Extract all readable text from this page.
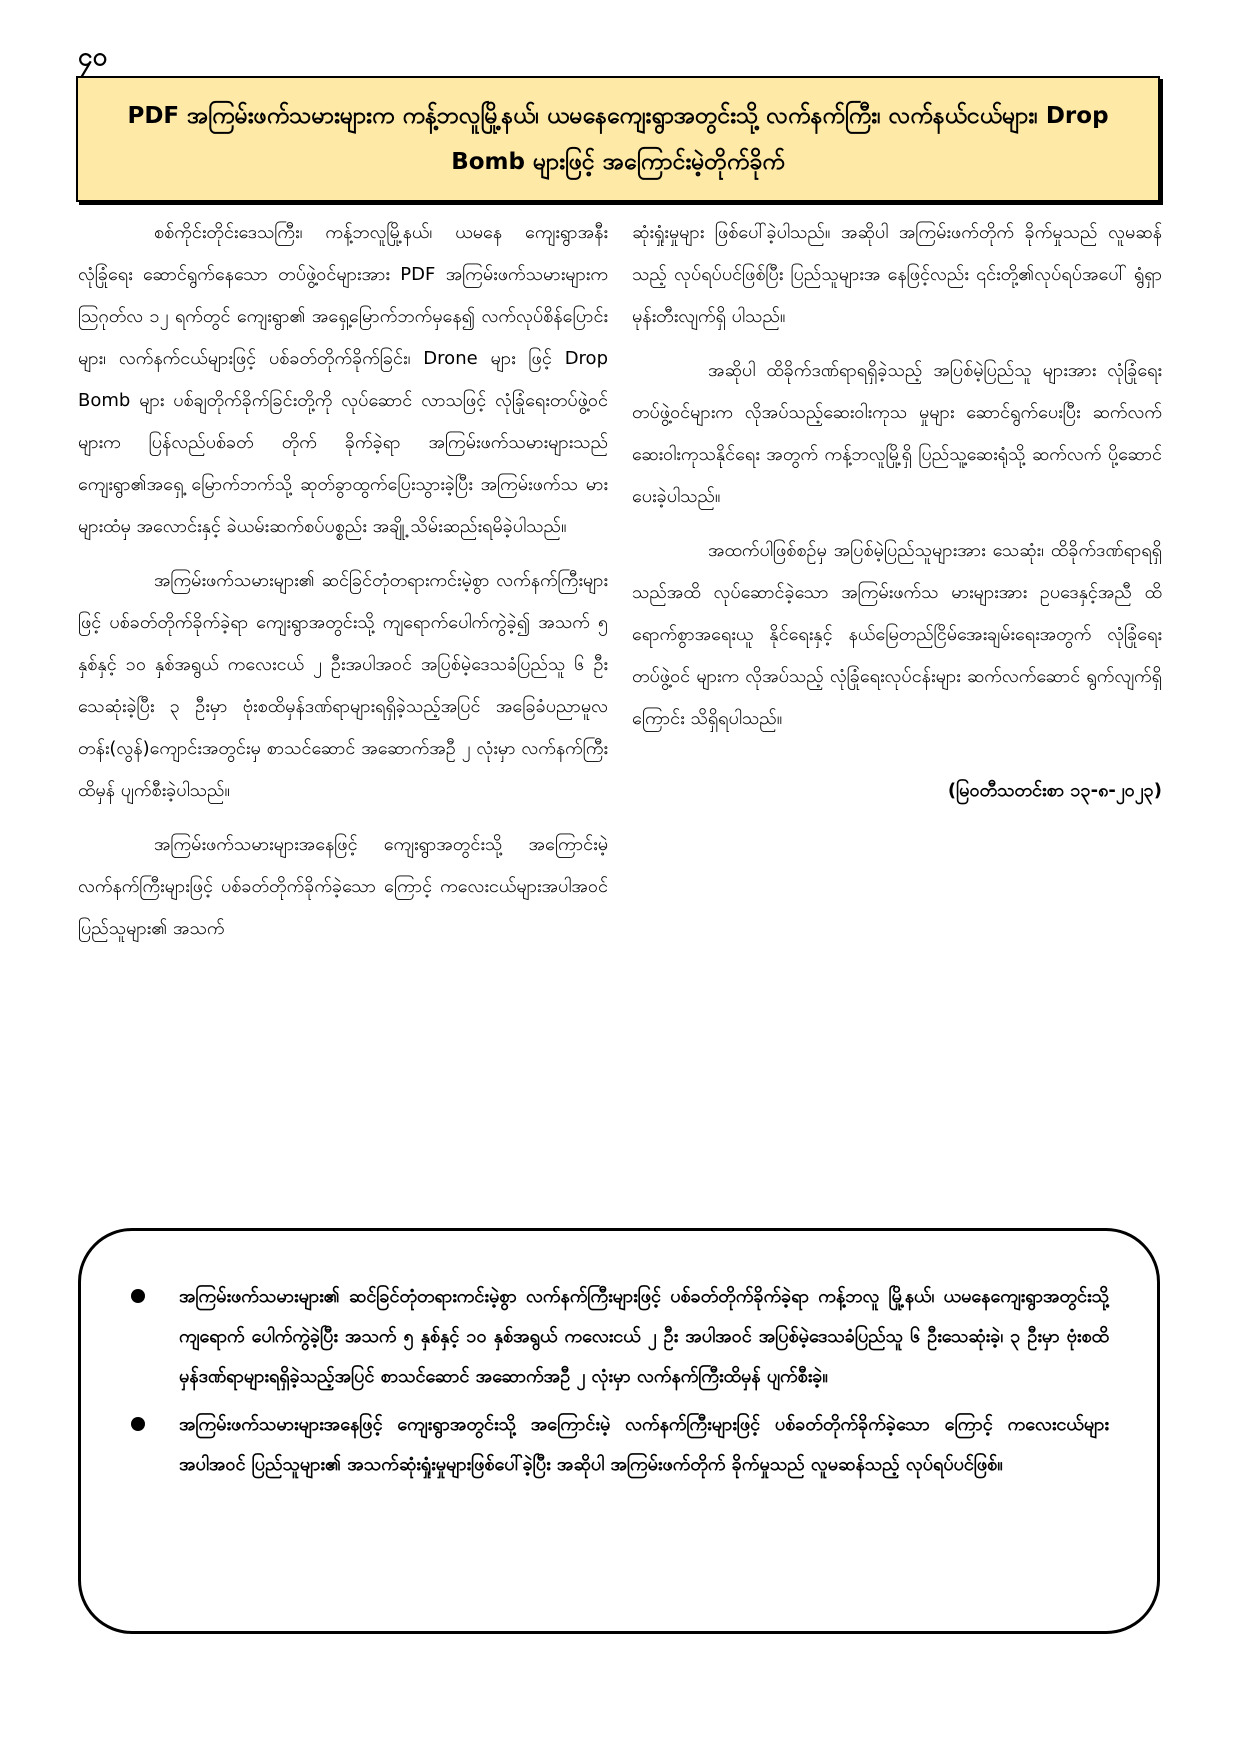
၄၀
PDF အကြမ်းဖက်သမားများက ကန့်ဘလူမြို့နယ်၊ ယမနေကျေးရွာအတွင်းသို့ လက်နက်ကြီး၊ လက်နယ်ငယ်များ၊ Drop Bomb များဖြင့် အကြောင်းမဲ့တိုက်ခိုက်

စစ်ကိုင်းတိုင်းဒေသကြီး၊ ကန့်ဘလူမြို့နယ်၊ ယမနေ ကျေးရွာအနီး လုံခြုံရေး ဆောင်ရွက်နေသော တပ်ဖွဲ့ဝင်များအား PDF အကြမ်းဖက်သမားများက ဩဂုတ်လ ၁၂ ရက်တွင် ကျေးရွာ၏ အရှေ့မြောက်ဘက်မှနေ၍ လက်လုပ်စိန်ပြောင်း များ၊ လက်နက်ငယ်များဖြင့် ပစ်ခတ်တိုက်ခိုက်ခြင်း၊ Drone များ ဖြင့် Drop Bomb များ ပစ်ချတိုက်ခိုက်ခြင်းတို့ကို လုပ်ဆောင် လာသဖြင့် လုံခြုံရေးတပ်ဖွဲ့ဝင်များက ပြန်လည်ပစ်ခတ် တိုက် ခိုက်ခဲ့ရာ အကြမ်းဖက်သမားများသည် ကျေးရွာ၏အရှေ့ မြောက်ဘက်သို့ ဆုတ်ခွာထွက်ပြေးသွားခဲ့ပြီး အကြမ်းဖက်သ မားများထံမှ အလောင်းနှင့် ခဲယမ်းဆက်စပ်ပစ္စည်း အချို့ သိမ်းဆည်းရမိခဲ့ပါသည်။

အကြမ်းဖက်သမားများ၏ ဆင်ခြင်တုံတရားကင်းမဲ့စွာ လက်နက်ကြီးများဖြင့် ပစ်ခတ်တိုက်ခိုက်ခဲ့ရာ ကျေးရွာအတွင်းသို့ ကျရောက်ပေါက်ကွဲခဲ့၍ အသက် ၅ နှစ်နှင့် ၁၀ နှစ်အရွယ် ကလေးငယ် ၂ ဦးအပါအဝင် အပြစ်မဲ့ဒေသခံပြည်သူ ၆ ဦး သေဆုံးခဲ့ပြီး ၃ ဦးမှာ ဗုံးစထိမှန်ဒဏ်ရာများရရှိခဲ့သည့်အပြင် အခြေခံပညာမူလတန်း(လွန်)ကျောင်းအတွင်းမှ စာသင်ဆောင် အဆောက်အဦ ၂ လုံးမှာ လက်နက်ကြီးထိမှန် ပျက်စီးခဲ့ပါသည်။

အကြမ်းဖက်သမားများအနေဖြင့် ကျေးရွာအတွင်းသို့ အကြောင်းမဲ့ လက်နက်ကြီးများဖြင့် ပစ်ခတ်တိုက်ခိုက်ခဲ့သော ကြောင့် ကလေးငယ်များအပါအဝင် ပြည်သူများ၏ အသက်

ဆုံးရှုံးမှုများ ဖြစ်ပေါ်ခဲ့ပါသည်။ အဆိုပါ အကြမ်းဖက်တိုက် ခိုက်မှုသည် လူမဆန်သည့် လုပ်ရပ်ပင်ဖြစ်ပြီး ပြည်သူများအ နေဖြင့်လည်း ၎င်းတို့၏လုပ်ရပ်အပေါ် ရွံရှာမုန်းတီးလျက်ရှိ ပါသည်။

အဆိုပါ ထိခိုက်ဒဏ်ရာရရှိခဲ့သည့် အပြစ်မဲ့ပြည်သူ များအား လုံခြုံရေးတပ်ဖွဲ့ဝင်များက လိုအပ်သည့်ဆေးဝါးကုသ မှုများ ဆောင်ရွက်ပေးပြီး ဆက်လက်ဆေးဝါးကုသနိုင်ရေး အတွက် ကန့်ဘလူမြို့ရှိ ပြည်သူ့ဆေးရုံသို့ ဆက်လက် ပို့ဆောင်ပေးခဲ့ပါသည်။

အထက်ပါဖြစ်စဉ်မှ အပြစ်မဲ့ပြည်သူများအား သေဆုံး၊ ထိခိုက်ဒဏ်ရာရရှိသည်အထိ လုပ်ဆောင်ခဲ့သော အကြမ်းဖက်သ မားများအား ဥပဒေနှင့်အညီ ထိရောက်စွာအရေးယူ နိုင်ရေးနှင့် နယ်မြေတည်ငြိမ်အေးချမ်းရေးအတွက် လုံခြုံရေးတပ်ဖွဲ့ဝင် များက လိုအပ်သည့် လုံခြုံရေးလုပ်ငန်းများ ဆက်လက်ဆောင် ရွက်လျက်ရှိကြောင်း သိရှိရပါသည်။

(မြဝတီသတင်းစာ ၁၃-၈-၂၀၂၃)

အကြမ်းဖက်သမားများ၏ ဆင်ခြင်တုံတရားကင်းမဲ့စွာ လက်နက်ကြီးများဖြင့် ပစ်ခတ်တိုက်ခိုက်ခဲ့ရာ ကန့်ဘလူ မြို့နယ်၊ ယမနေကျေးရွာအတွင်းသို့ကျရောက် ပေါက်ကွဲခဲ့ပြီး အသက် ၅ နှစ်နှင့် ၁၀ နှစ်အရွယ် ကလေးငယ် ၂ ဦး အပါအဝင် အပြစ်မဲ့ဒေသခံပြည်သူ ၆ ဦးသေဆုံးခဲ့၊ ၃ ဦးမှာ ဗုံးစထိမှန်ဒဏ်ရာများရရှိခဲ့သည့်အပြင် စာသင်ဆောင် အဆောက်အဦ ၂ လုံးမှာ လက်နက်ကြီးထိမှန် ပျက်စီးခဲ့။
အကြမ်းဖက်သမားများအနေဖြင့် ကျေးရွာအတွင်းသို့ အကြောင်းမဲ့ လက်နက်ကြီးများဖြင့် ပစ်ခတ်တိုက်ခိုက်ခဲ့သော ကြောင့် ကလေးငယ်များအပါအဝင် ပြည်သူများ၏ အသက်ဆုံးရှုံးမှုများဖြစ်ပေါ်ခဲ့ပြီး အဆိုပါ အကြမ်းဖက်တိုက် ခိုက်မှုသည် လူမဆန်သည့် လုပ်ရပ်ပင်ဖြစ်။
